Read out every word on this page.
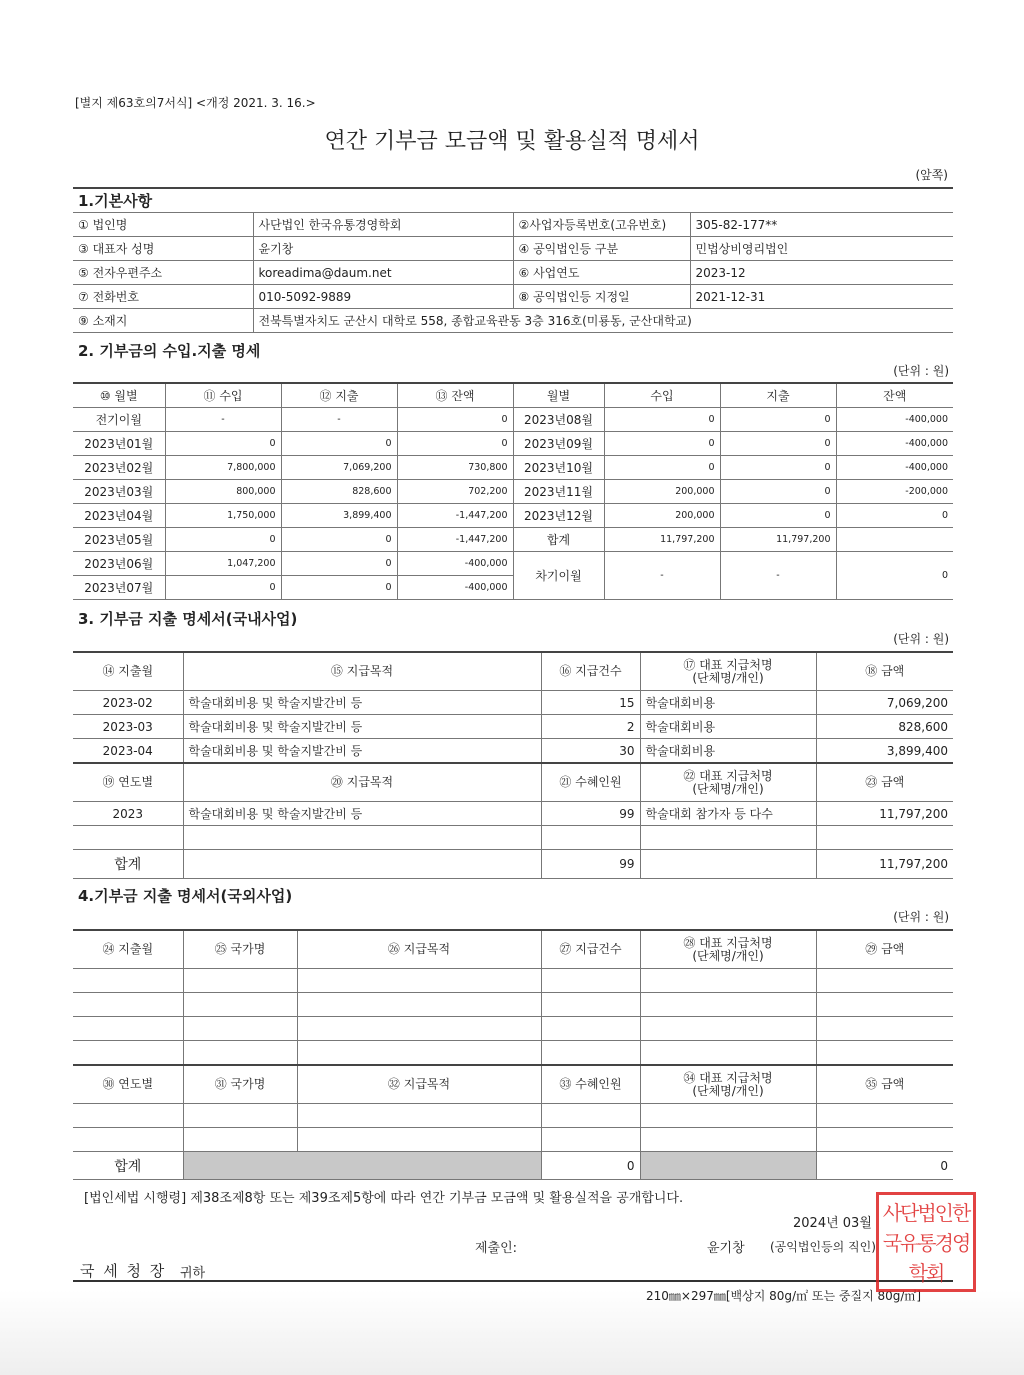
[별지 제63호의7서식] <개정 2021. 3. 16.>
연간 기부금 모금액 및 활용실적 명세서
(앞쪽)
1.기본사항			
① 법인명	사단법인 한국유통경영학회	②사업자등록번호(고유번호)	305-82-177**
③ 대표자 성명	윤기창	④ 공익법인등 구분	민법상비영리법인
⑤ 전자우편주소	koreadima@daum.net	⑥ 사업연도	2023-12
⑦ 전화번호	010-5092-9889	⑧ 공익법인등 지정일	2021-12-31
⑨ 소재지	전북특별자치도 군산시 대학로 558, 종합교육관동 3층 316호(미룡동, 군산대학교)		
2. 기부금의 수입.지출 명세
(단위 : 원)
⑩ 월별	⑪ 수입	⑫ 지출	⑬ 잔액	월별	수입	지출	잔액
전기이월	-	-	0	2023년08월	0	0	-400,000
2023년01월	0	0	0	2023년09월	0	0	-400,000
2023년02월	7,800,000	7,069,200	730,800	2023년10월	0	0	-400,000
2023년03월	800,000	828,600	702,200	2023년11월	200,000	0	-200,000
2023년04월	1,750,000	3,899,400	-1,447,200	2023년12월	200,000	0	0
2023년05월	0	0	-1,447,200	합계	11,797,200	11,797,200	
2023년06월	1,047,200	0	-400,000	차기이월	-	-	0
2023년07월	0	0	-400,000				
3. 기부금 지출 명세서(국내사업)
(단위 : 원)
⑭ 지출월	⑮ 지급목적	⑯ 지급건수	⑰ 대표 지급처명
(단체명/개인)	⑱ 금액
2023-02	학술대회비용 및 학술지발간비 등	15	학술대회비용	7,069,200
2023-03	학술대회비용 및 학술지발간비 등	2	학술대회비용	828,600
2023-04	학술대회비용 및 학술지발간비 등	30	학술대회비용	3,899,400
⑲ 연도별	⑳ 지급목적	㉑ 수혜인원	㉒ 대표 지급처명
(단체명/개인)	㉓ 금액
2023	학술대회비용 및 학술지발간비 등	99	학술대회 참가자 등 다수	11,797,200

합계		99		11,797,200
4.기부금 지출 명세서(국외사업)
(단위 : 원)
㉔ 지출월	㉕ 국가명	㉖ 지급목적	㉗ 지급건수	㉘ 대표 지급처명
(단체명/개인)	㉙ 금액

㉚ 연도별	㉛ 국가명	㉜ 지급목적	㉝ 수혜인원	㉞ 대표 지급처명
(단체명/개인)	㉟ 금액

합계			0		0
[법인세법 시행령] 제38조제8항 또는 제39조제5항에 따라 연간 기부금 모금액 및 활용실적을 공개합니다.
2024년 03월
제출인:	윤기창 (공익법인등의 직인)
국 세 청 장 귀하
210㎜×297㎜[백상지 80g/㎡ 또는 중질지 80g/㎡]
사단법인한국유통경영학회
